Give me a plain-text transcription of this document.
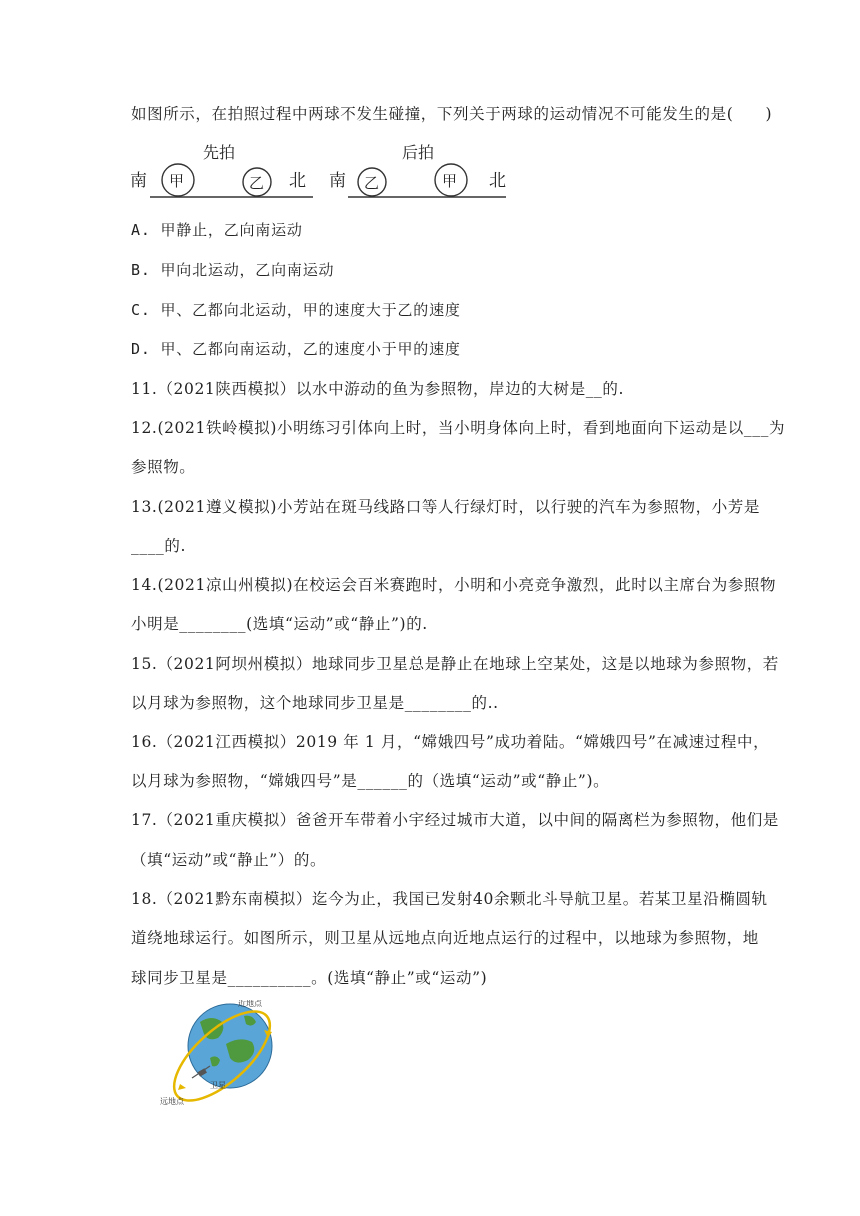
如图所示，在拍照过程中两球不发生碰撞，下列关于两球的运动情况不可能发生的是(　　)
先拍
南 甲	乙 北
后拍
南 乙	甲 北
A. 甲静止，乙向南运动
B. 甲向北运动，乙向南运动
C. 甲、乙都向北运动，甲的速度大于乙的速度
D. 甲、乙都向南运动，乙的速度小于甲的速度
11.（2021陕西模拟）以水中游动的鱼为参照物，岸边的大树是__的.
12.(2021铁岭模拟)小明练习引体向上时，当小明身体向上时，看到地面向下运动是以___为
参照物。
13.(2021遵义模拟)小芳站在斑马线路口等人行绿灯时，以行驶的汽车为参照物，小芳是
____的.
14.(2021凉山州模拟)在校运会百米赛跑时，小明和小亮竞争激烈，此时以主席台为参照物
小明是________(选填“运动”或“静止”)的.
15.（2021阿坝州模拟）地球同步卫星总是静止在地球上空某处，这是以地球为参照物，若
以月球为参照物，这个地球同步卫星是________的..
16.（2021江西模拟）2019 年 1 月，“嫦娥四号”成功着陆。“嫦娥四号”在减速过程中，
以月球为参照物，“嫦娥四号”是______的（选填“运动”或“静止”)。
17.（2021重庆模拟）爸爸开车带着小宇经过城市大道，以中间的隔离栏为参照物，他们是
（填“运动”或“静止”）的。
18.（2021黔东南模拟）迄今为止，我国已发射40余颗北斗导航卫星。若某卫星沿椭圆轨
道绕地球运行。如图所示，则卫星从远地点向近地点运行的过程中，以地球为参照物，地
球同步卫星是__________。(选填“静止”或“运动”)
近地点
远地点
卫星
